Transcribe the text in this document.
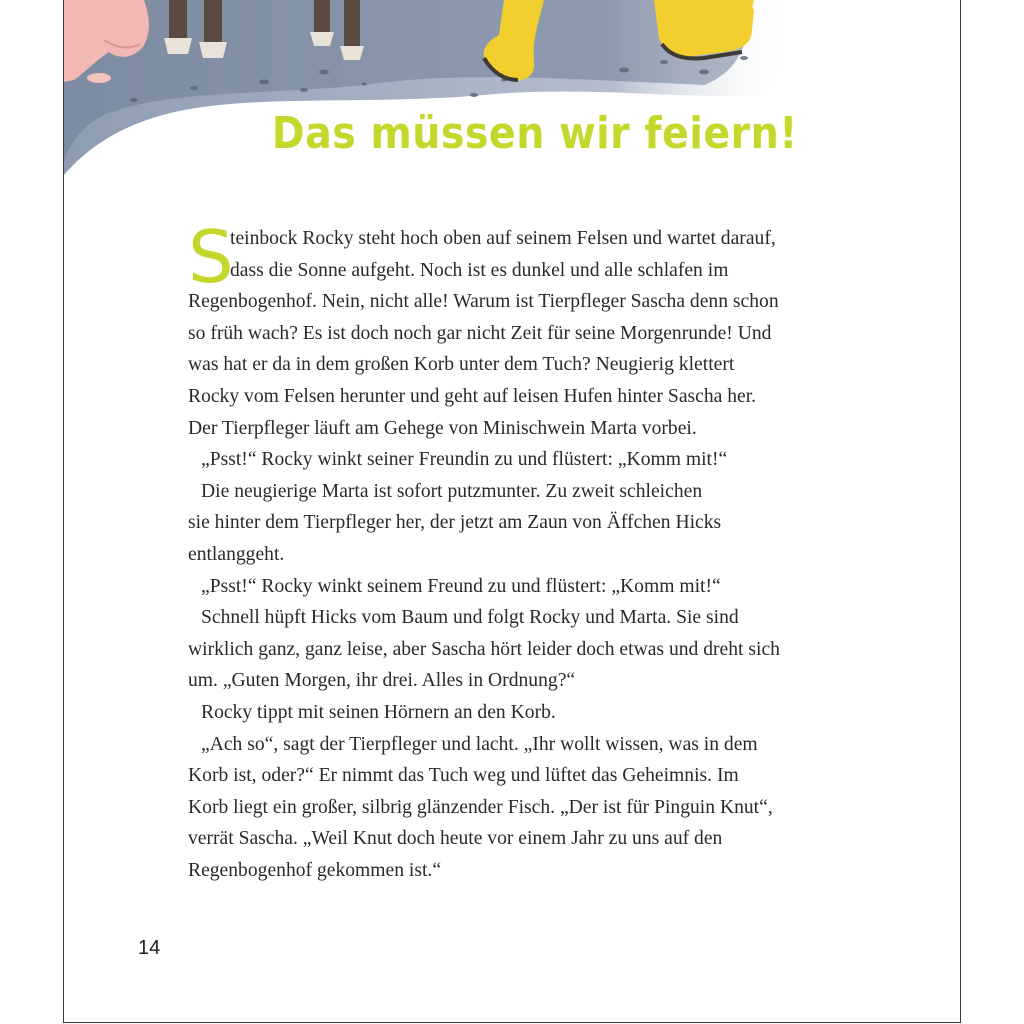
Das müssen wir feiern!
S
teinbock Rocky steht hoch oben auf seinem Felsen und wartet darauf,
dass die Sonne aufgeht. Noch ist es dunkel und alle schlafen im
Regenbogenhof. Nein, nicht alle! Warum ist Tierpfleger Sascha denn schon
so früh wach? Es ist doch noch gar nicht Zeit für seine Morgenrunde! Und
was hat er da in dem großen Korb unter dem Tuch? Neugierig klettert
Rocky vom Felsen herunter und geht auf leisen Hufen hinter Sascha her.
Der Tierpfleger läuft am Gehege von Minischwein Marta vorbei.
„Psst!“ Rocky winkt seiner Freundin zu und flüstert: „Komm mit!“
Die neugierige Marta ist sofort putzmunter. Zu zweit schleichen
sie hinter dem Tierpfleger her, der jetzt am Zaun von Äffchen Hicks
entlanggeht.
„Psst!“ Rocky winkt seinem Freund zu und flüstert: „Komm mit!“
Schnell hüpft Hicks vom Baum und folgt Rocky und Marta. Sie sind
wirklich ganz, ganz leise, aber Sascha hört leider doch etwas und dreht sich
um. „Guten Morgen, ihr drei. Alles in Ordnung?“
Rocky tippt mit seinen Hörnern an den Korb.
„Ach so“, sagt der Tierpfleger und lacht. „Ihr wollt wissen, was in dem
Korb ist, oder?“ Er nimmt das Tuch weg und lüftet das Geheimnis. Im
Korb liegt ein großer, silbrig glänzender Fisch. „Der ist für Pinguin Knut“,
verrät Sascha. „Weil Knut doch heute vor einem Jahr zu uns auf den
Regenbogenhof gekommen ist.“
14
